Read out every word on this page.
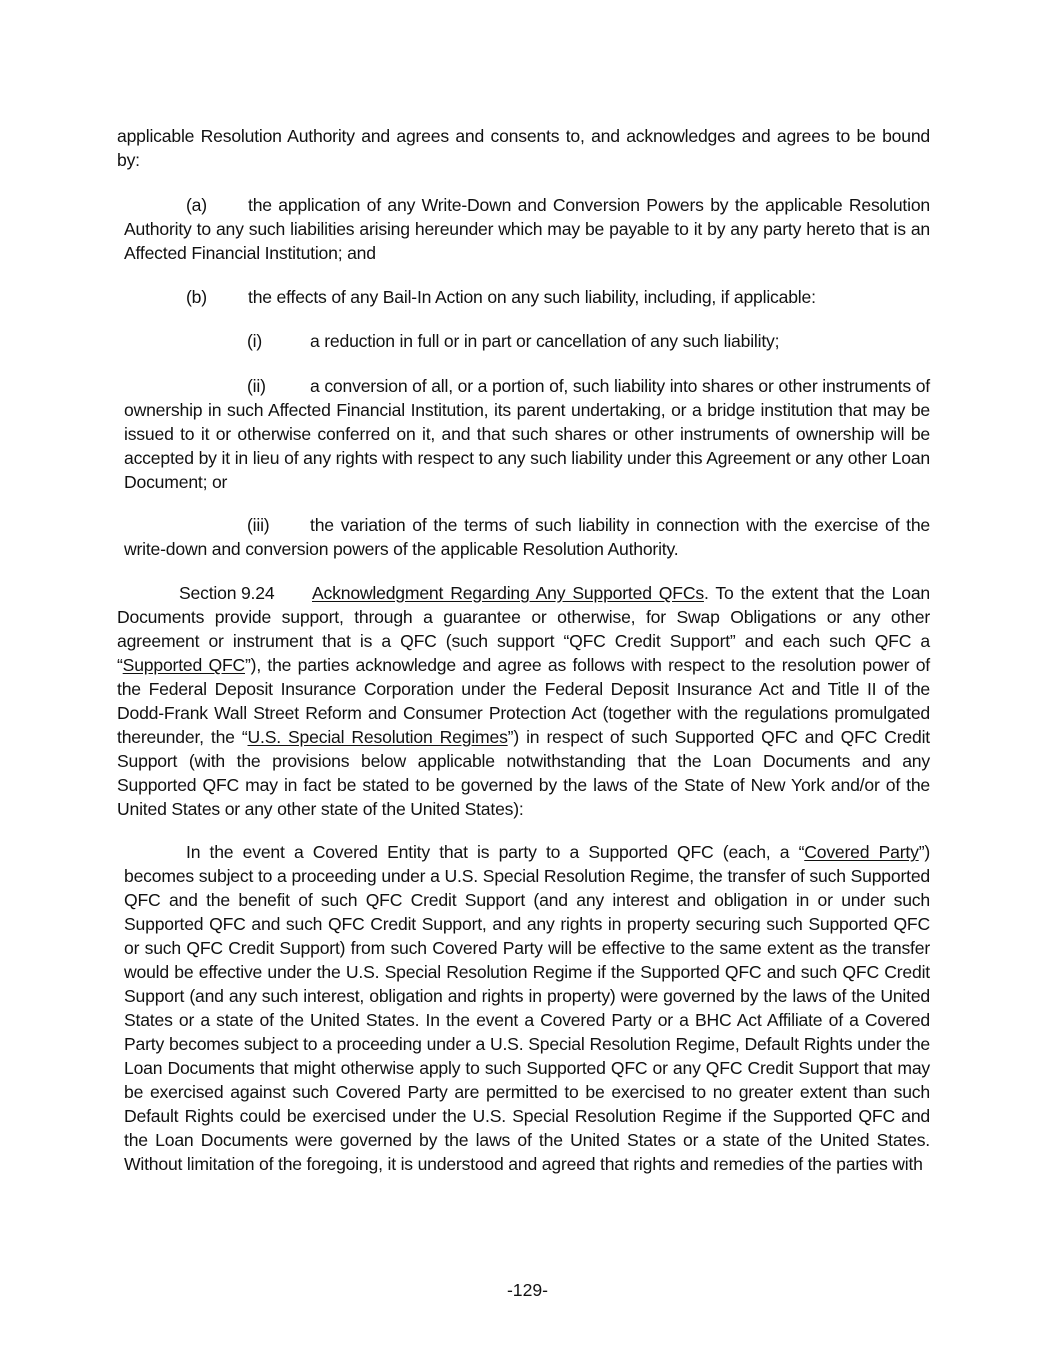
applicable Resolution Authority and agrees and consents to, and acknowledges and agrees to be bound by:

(a) the application of any Write-Down and Conversion Powers by the applicable Resolution Authority to any such liabilities arising hereunder which may be payable to it by any party hereto that is an Affected Financial Institution; and

(b) the effects of any Bail-In Action on any such liability, including, if applicable:

(i)	a reduction in full or in part or cancellation of any such liability;

(ii)	a conversion of all, or a portion of, such liability into shares or other instruments of ownership in such Affected Financial Institution, its parent undertaking, or a bridge institution that may be issued to it or otherwise conferred on it, and that such shares or other instruments of ownership will be accepted by it in lieu of any rights with respect to any such liability under this Agreement or any other Loan Document; or

(iii) the variation of the terms of such liability in connection with the exercise of the write-down and conversion powers of the applicable Resolution Authority.

Section 9.24 Acknowledgment Regarding Any Supported QFCs. To the extent that the Loan Documents provide support, through a guarantee or otherwise, for Swap Obligations or any other agreement or instrument that is a QFC (such support “QFC Credit Support” and each such QFC a “Supported QFC”), the parties acknowledge and agree as follows with respect to the resolution power of the Federal Deposit Insurance Corporation under the Federal Deposit Insurance Act and Title II of the Dodd-Frank Wall Street Reform and Consumer Protection Act (together with the regulations promulgated thereunder, the “U.S. Special Resolution Regimes”) in respect of such Supported QFC and QFC Credit Support (with the provisions below applicable notwithstanding that the Loan Documents and any Supported QFC may in fact be stated to be governed by the laws of the State of New York and/or of the United States or any other state of the United States):

In the event a Covered Entity that is party to a Supported QFC (each, a “Covered Party”) becomes subject to a proceeding under a U.S. Special Resolution Regime, the transfer of such Supported QFC and the benefit of such QFC Credit Support (and any interest and obligation in or under such Supported QFC and such QFC Credit Support, and any rights in property securing such Supported QFC or such QFC Credit Support) from such Covered Party will be effective to the same extent as the transfer would be effective under the U.S. Special Resolution Regime if the Supported QFC and such QFC Credit Support (and any such interest, obligation and rights in property) were governed by the laws of the United States or a state of the United States. In the event a Covered Party or a BHC Act Affiliate of a Covered Party becomes subject to a proceeding under a U.S. Special Resolution Regime, Default Rights under the Loan Documents that might otherwise apply to such Supported QFC or any QFC Credit Support that may be exercised against such Covered Party are permitted to be exercised to no greater extent than such Default Rights could be exercised under the U.S. Special Resolution Regime if the Supported QFC and the Loan Documents were governed by the laws of the United States or a state of the United States. Without limitation of the foregoing, it is understood and agreed that rights and remedies of the parties with

-129-
